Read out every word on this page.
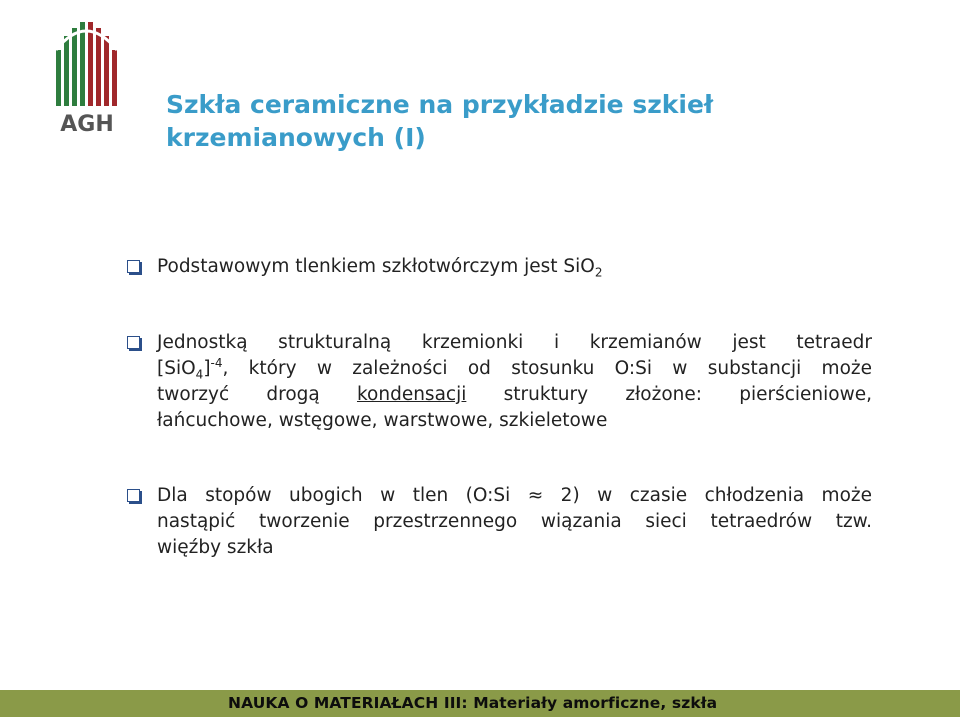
AGH
Szkła ceramiczne na przykładzie szkieł
krzemianowych (I)
Podstawowym tlenkiem szkłotwórczym jest SiO$_2$
Jednostką strukturalną krzemionki i krzemianów jest tetraedr
$[SiO_4]^{-4}$, który w zależności od stosunku O:Si w substancji może
tworzyć drogą kondensacji struktury złożone: pierścieniowe,
łańcuchowe, wstęgowe, warstwowe, szkieletowe
Dla stopów ubogich w tlen (O:Si ≈ 2) w czasie chłodzenia może
nastąpić tworzenie przestrzennego wiązania sieci tetraedrów tzw.
więźby szkła
NAUKA O MATERIAŁACH III: Materiały amorficzne, szkła
